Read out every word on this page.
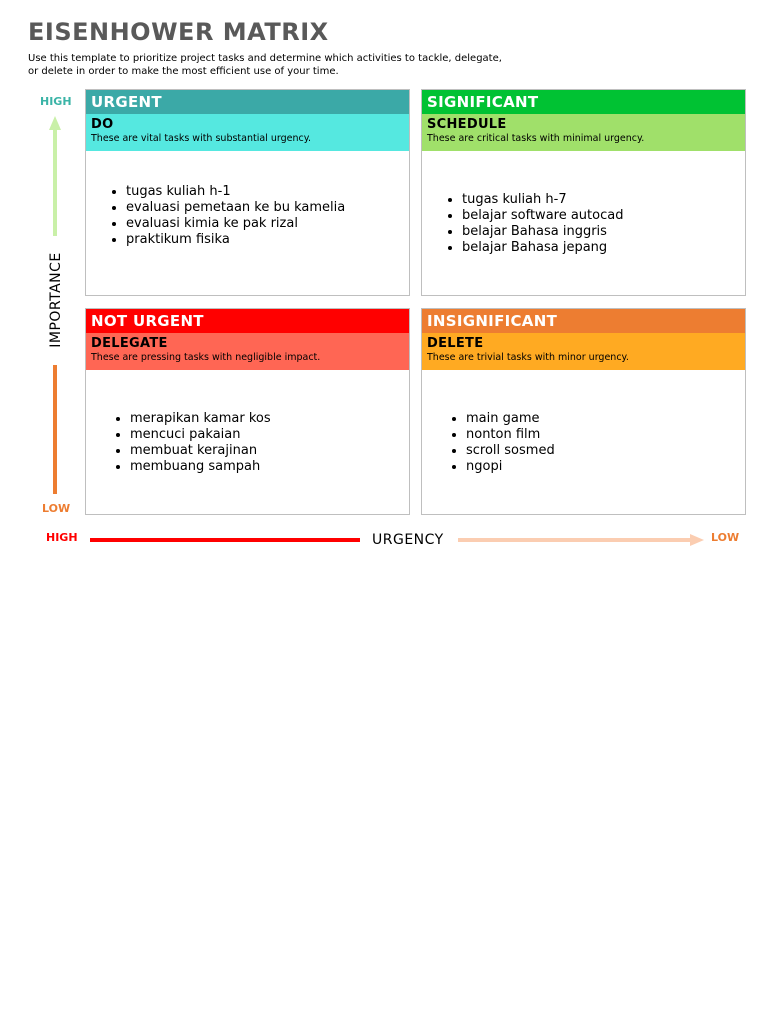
EISENHOWER MATRIX
Use this template to prioritize project tasks and determine which activities to tackle, delegate, or delete in order to make the most efficient use of your time.
HIGH
LOW
IMPORTANCE
HIGH	LOW
URGENCY
URGENT
DO
These are vital tasks with substantial urgency.
• tugas kuliah h-1
• evaluasi pemetaan ke bu kamelia
• evaluasi kimia ke pak rizal
• praktikum fisika
SIGNIFICANT
SCHEDULE
These are critical tasks with minimal urgency.
• tugas kuliah h-7
• belajar software autocad
• belajar Bahasa inggris
• belajar Bahasa jepang
NOT URGENT
DELEGATE
These are pressing tasks with negligible impact.
• merapikan kamar kos
• mencuci pakaian
• membuat kerajinan
• membuang sampah
INSIGNIFICANT
DELETE
These are trivial tasks with minor urgency.
• main game
• nonton film
• scroll sosmed
• ngopi
